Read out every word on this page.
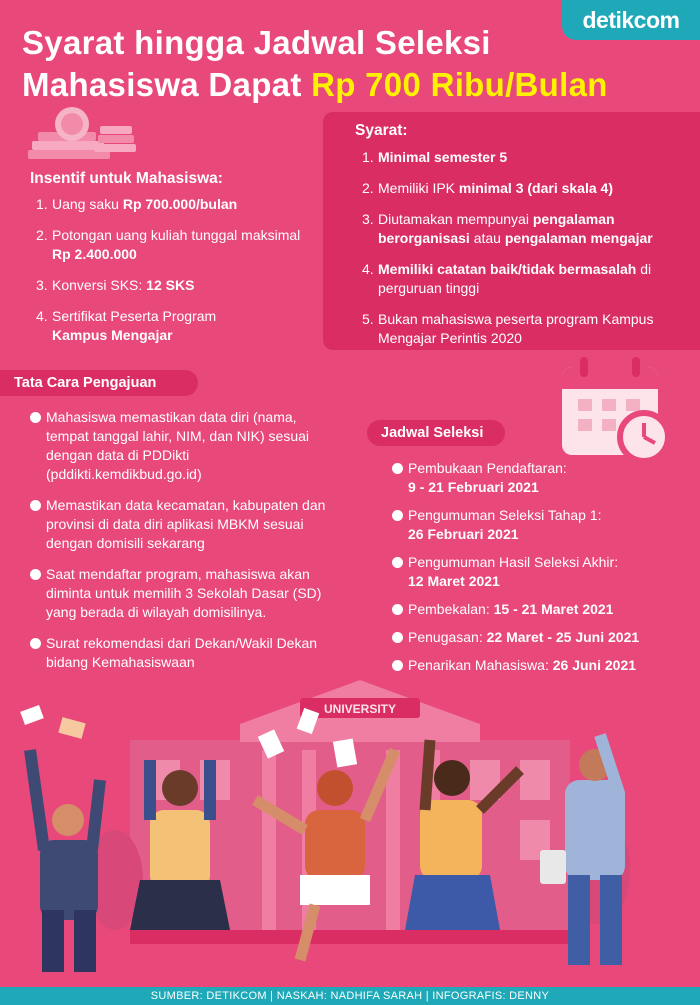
detikcom
Syarat hingga Jadwal Seleksi
Mahasiswa Dapat Rp 700 Ribu/Bulan
Insentif untuk Mahasiswa:
1. Uang saku Rp 700.000/bulan
2. Potongan uang kuliah tunggal maksimal Rp 2.400.000
3. Konversi SKS: 12 SKS
4. Sertifikat Peserta Program
Kampus Mengajar
Syarat:
1. Minimal semester 5
2. Memiliki IPK minimal 3 (dari skala 4)
3. Diutamakan mempunyai pengalaman berorganisasi atau pengalaman mengajar
4. Memiliki catatan baik/tidak bermasalah di perguruan tinggi
5. Bukan mahasiswa peserta program Kampus Mengajar Perintis 2020
Tata Cara Pengajuan
Mahasiswa memastikan data diri (nama, tempat tanggal lahir, NIM, dan NIK) sesuai dengan data di PDDikti (pddikti.kemdikbud.go.id)
Memastikan data kecamatan, kabupaten dan provinsi di data diri aplikasi MBKM sesuai dengan domisili sekarang
Saat mendaftar program, mahasiswa akan diminta untuk memilih 3 Sekolah Dasar (SD) yang berada di wilayah domisilinya.
Surat rekomendasi dari Dekan/Wakil Dekan bidang Kemahasiswaan
Jadwal Seleksi
Pembukaan Pendaftaran:
9 - 21 Februari 2021
Pengumuman Seleksi Tahap 1:
26 Februari 2021
Pengumuman Hasil Seleksi Akhir:
12 Maret 2021
Pembekalan: 15 - 21 Maret 2021
Penugasan: 22 Maret - 25 Juni 2021
Penarikan Mahasiswa: 26 Juni 2021
UNIVERSITY
SUMBER: DETIKCOM | NASKAH: NADHIFA SARAH | INFOGRAFIS: DENNY
